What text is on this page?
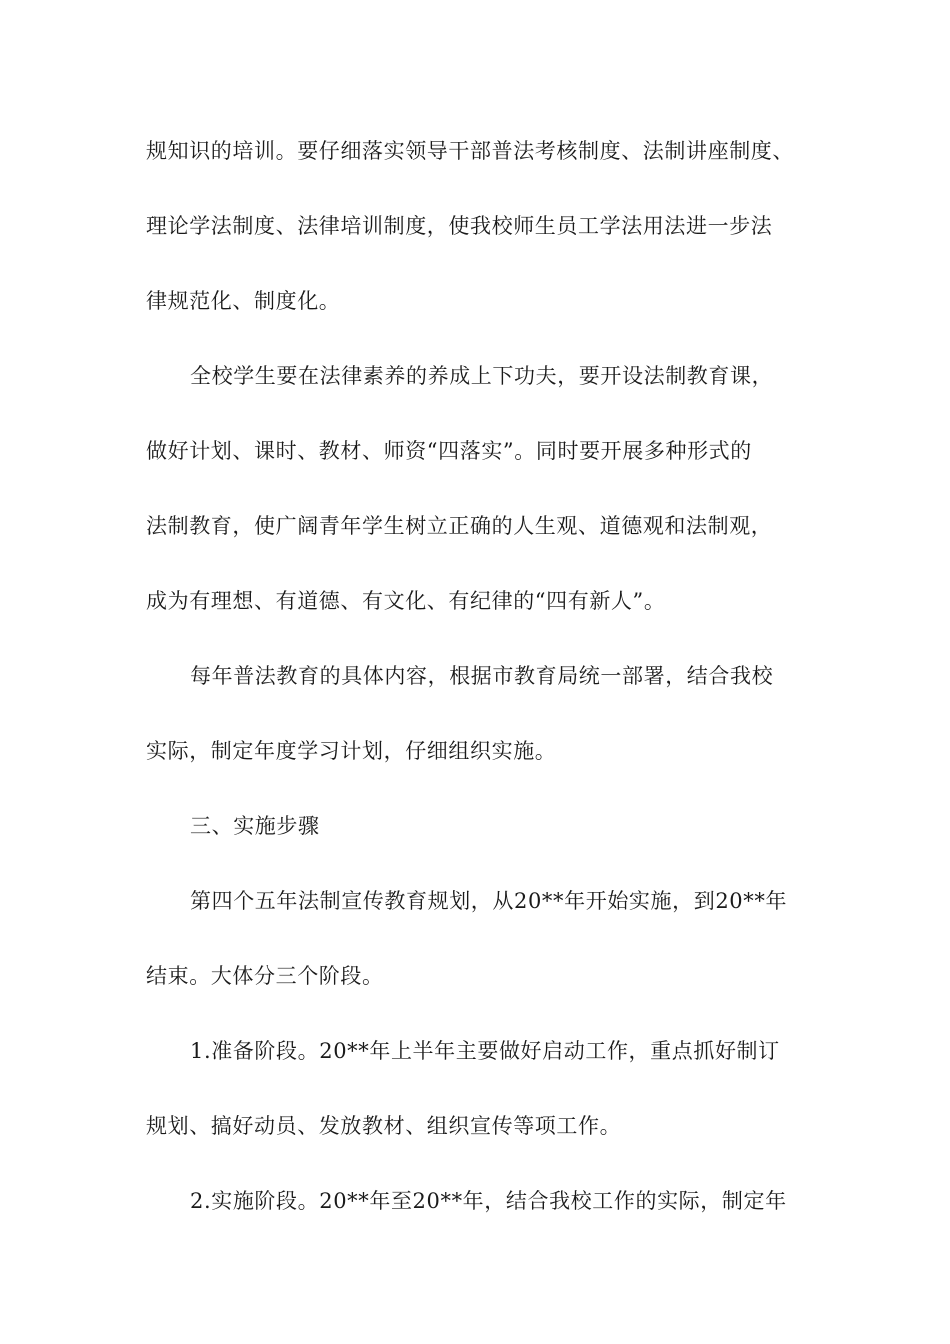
规知识的培训。要仔细落实领导干部普法考核制度、法制讲座制度、
理论学法制度、法律培训制度，使我校师生员工学法用法进一步法
律规范化、制度化。
全校学生要在法律素养的养成上下功夫，要开设法制教育课，
做好计划、课时、教材、师资“四落实”。同时要开展多种形式的
法制教育，使广阔青年学生树立正确的人生观、道德观和法制观，
成为有理想、有道德、有文化、有纪律的“四有新人”。
每年普法教育的具体内容，根据市教育局统一部署，结合我校
实际，制定年度学习计划，仔细组织实施。
三、实施步骤
第四个五年法制宣传教育规划，从20**年开始实施，到20**年
结束。大体分三个阶段。
1.准备阶段。20**年上半年主要做好启动工作，重点抓好制订
规划、搞好动员、发放教材、组织宣传等项工作。
2.实施阶段。20**年至20**年，结合我校工作的实际，制定年
